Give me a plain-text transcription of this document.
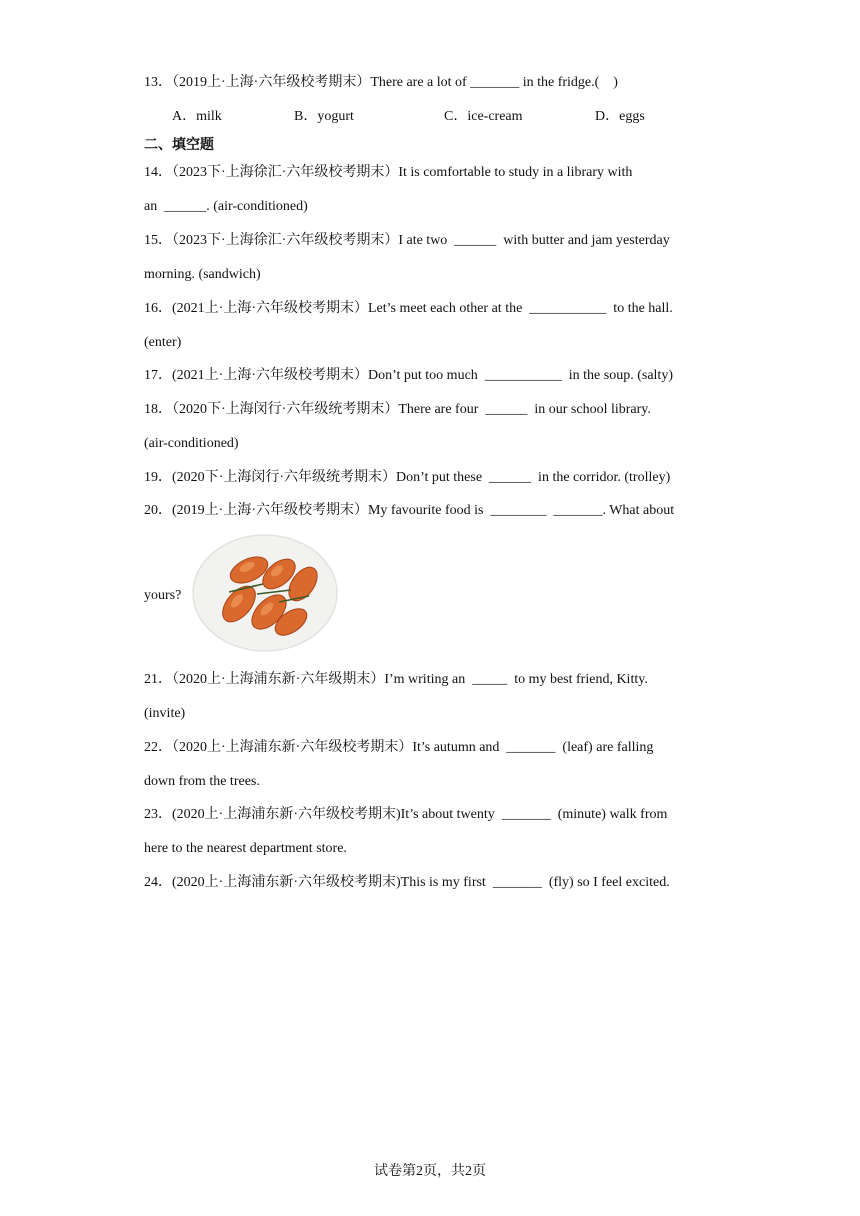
13．（2019上·上海·六年级校考期末）There are a lot of _______ in the fridge.(    )
A．milk	B．yogurt	C．ice-cream	D．eggs
二、填空题
14．（2023下·上海徐汇·六年级校考期末）It is comfortable to study in a library with
an  ______. (air-conditioned)
15．（2023下·上海徐汇·六年级校考期末）I ate two  ______  with butter and jam yesterday
morning. (sandwich)
16．(2021上·上海·六年级校考期末）Let’s meet each other at the  ___________  to the hall.
(enter)
17．(2021上·上海·六年级校考期末）Don’t put too much  ___________  in the soup. (salty)
18．（2020下·上海闵行·六年级统考期末）There are four  ______  in our school library.
(air-conditioned)
19．(2020下·上海闵行·六年级统考期末）Don’t put these  ______  in the corridor. (trolley)
20．(2019上·上海·六年级校考期末）My favourite food is  ________  _______. What about
yours?
21．（2020上·上海浦东新·六年级期末）I’m writing an  _____  to my best friend, Kitty.
(invite)
22．（2020上·上海浦东新·六年级校考期末）It’s autumn and  _______  (leaf) are falling
down from the trees.
23．(2020上·上海浦东新·六年级校考期末)It’s about twenty  _______  (minute) walk from
here to the nearest department store.
24．(2020上·上海浦东新·六年级校考期末)This is my first  _______  (fly) so I feel excited.
试卷第2页，共2页
